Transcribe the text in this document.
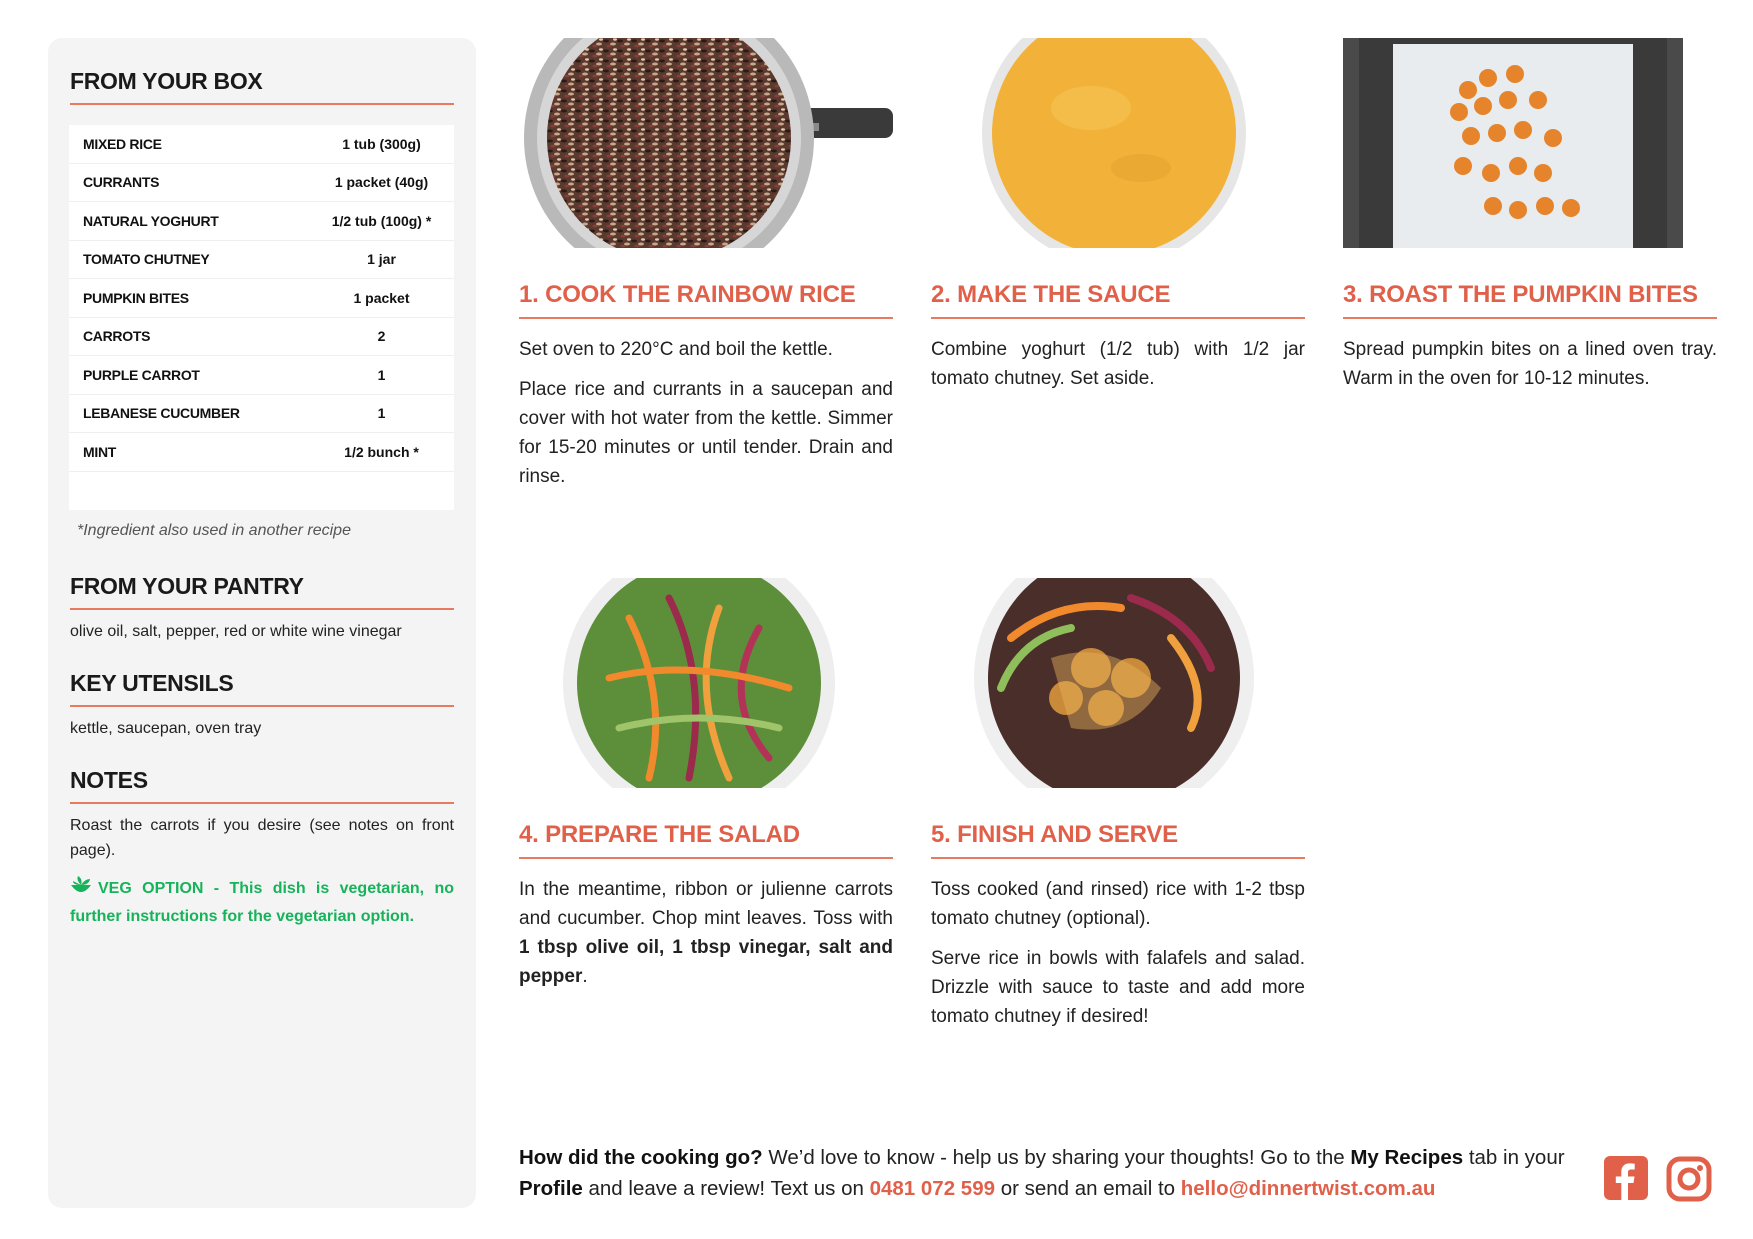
FROM YOUR BOX
MIXED RICE	1 tub (300g)
CURRANTS	1 packet (40g)
NATURAL YOGHURT	1/2 tub (100g) *
TOMATO CHUTNEY	1 jar
PUMPKIN BITES	1 packet
CARROTS	2
PURPLE CARROT	1
LEBANESE CUCUMBER	1
MINT	1/2 bunch *
*Ingredient also used in another recipe
FROM YOUR PANTRY
olive oil, salt, pepper, red or white wine vinegar
KEY UTENSILS
kettle, saucepan, oven tray
NOTES
Roast the carrots if you desire (see notes on front page).
VEG OPTION - This dish is vegetarian, no further instructions for the vegetarian option.
1. COOK THE RAINBOW RICE
Set oven to 220°C and boil the kettle.
Place rice and currants in a saucepan and cover with hot water from the kettle. Simmer for 15-20 minutes or until tender. Drain and rinse.
2. MAKE THE SAUCE
Combine yoghurt (1/2 tub) with 1/2 jar tomato chutney. Set aside.
3. ROAST THE PUMPKIN BITES
Spread pumpkin bites on a lined oven tray. Warm in the oven for 10-12 minutes.
4. PREPARE THE SALAD
In the meantime, ribbon or julienne carrots and cucumber. Chop mint leaves. Toss with 1 tbsp olive oil, 1 tbsp vinegar, salt and pepper.
5. FINISH AND SERVE
Toss cooked (and rinsed) rice with 1-2 tbsp tomato chutney (optional).
Serve rice in bowls with falafels and salad. Drizzle with sauce to taste and add more tomato chutney if desired!
How did the cooking go? We’d love to know - help us by sharing your thoughts! Go to the My Recipes tab in your Profile and leave a review! Text us on 0481 072 599 or send an email to hello@dinnertwist.com.au
